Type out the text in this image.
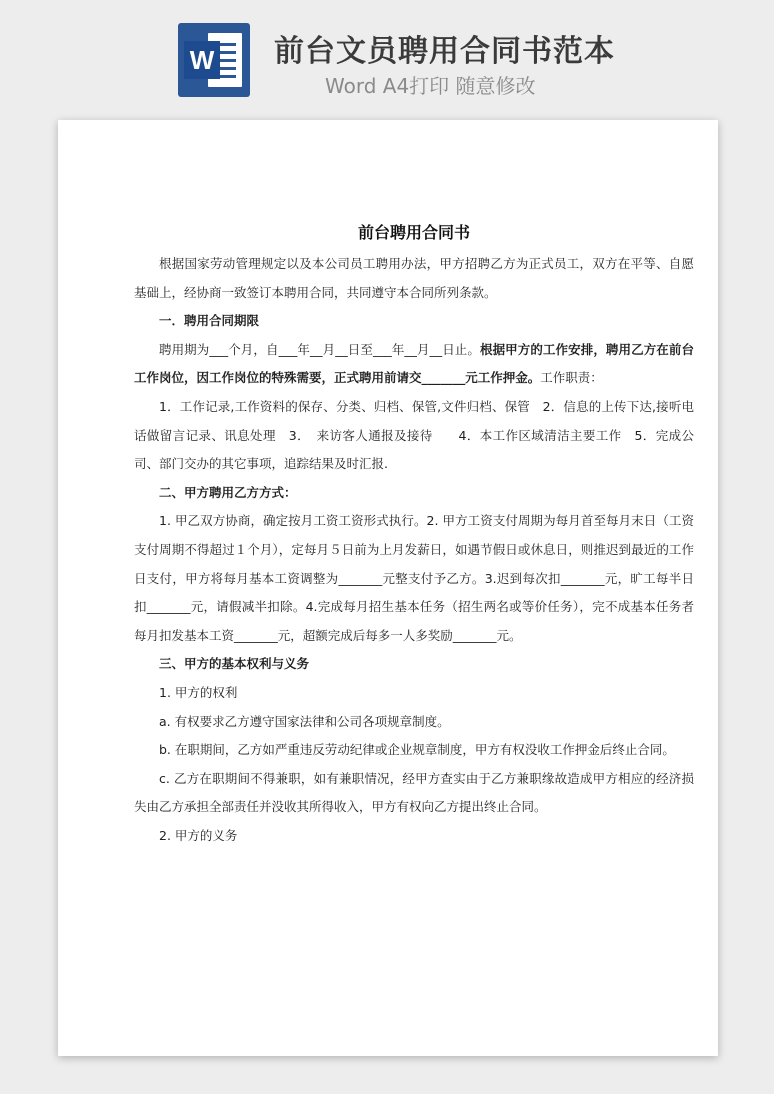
W 前台文员聘用合同书范本
Word A4打印 随意修改
前台聘用合同书
根据国家劳动管理规定以及本公司员工聘用办法，甲方招聘乙方为正式员工，双方在平等、自愿基础上，经协商一致签订本聘用合同，共同遵守本合同所列条款。
一．聘用合同期限
聘用期为___个月，自___年__月__日至___年__月__日止。根据甲方的工作安排，聘用乙方在前台工作岗位，因工作岗位的特殊需要，正式聘用前请交_______元工作押金。工作职责：
1．工作记录,工作资料的保存、分类、归档、保管,文件归档、保管　2．信息的上传下达,接听电话做留言记录、讯息处理　3．　来访客人通报及接待　　4．本工作区域清洁主要工作　5．完成公司、部门交办的其它事项，追踪结果及时汇报.
二、甲方聘用乙方方式：
1. 甲乙双方协商，确定按月工资工资形式执行。2. 甲方工资支付周期为每月首至每月末日（工资支付周期不得超过１个月），定每月５日前为上月发薪日，如遇节假日或休息日，则推迟到最近的工作日支付，甲方将每月基本工资调整为_______元整支付予乙方。3.迟到每次扣_______元，旷工每半日扣_______元，请假减半扣除。4.完成每月招生基本任务（招生两名或等价任务），完不成基本任务者每月扣发基本工资_______元，超额完成后每多一人多奖励_______元。
三、甲方的基本权利与义务
1. 甲方的权利
a. 有权要求乙方遵守国家法律和公司各项规章制度。
b. 在职期间，乙方如严重违反劳动纪律或企业规章制度，甲方有权没收工作押金后终止合同。
c. 乙方在职期间不得兼职，如有兼职情况，经甲方查实由于乙方兼职缘故造成甲方相应的经济损失由乙方承担全部责任并没收其所得收入，甲方有权向乙方提出终止合同。
2. 甲方的义务
